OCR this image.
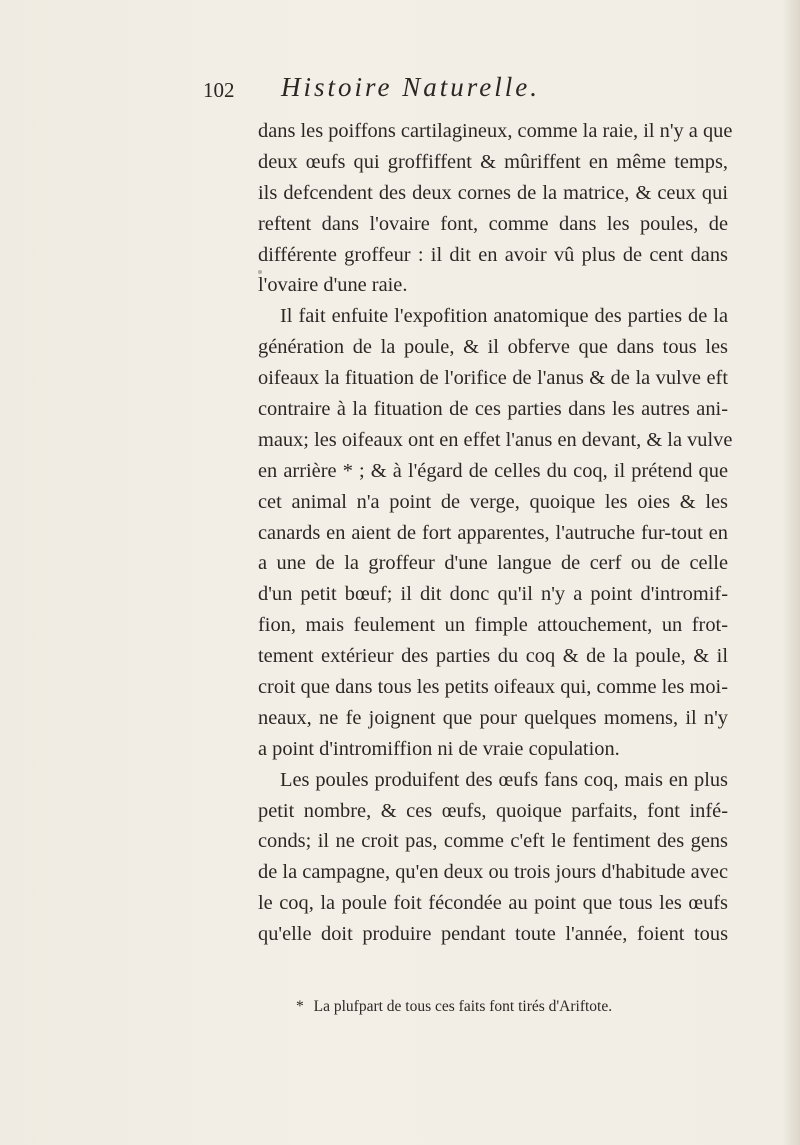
102 Histoire Naturelle.
dans les poiffons cartilagineux, comme la raie, il n'y a que
deux œufs qui groffiffent & mûriffent en même temps,
ils defcendent des deux cornes de la matrice, & ceux qui
reftent dans l'ovaire font, comme dans les poules, de
différente groffeur : il dit en avoir vû plus de cent dans
l'ovaire d'une raie.
Il fait enfuite l'expofition anatomique des parties de la
génération de la poule, & il obferve que dans tous les
oifeaux la fituation de l'orifice de l'anus & de la vulve eft
contraire à la fituation de ces parties dans les autres ani-
maux; les oifeaux ont en effet l'anus en devant, & la vulve
en arrière * ; & à l'égard de celles du coq, il prétend que
cet animal n'a point de verge, quoique les oies & les
canards en aient de fort apparentes, l'autruche fur-tout en
a une de la groffeur d'une langue de cerf ou de celle
d'un petit bœuf; il dit donc qu'il n'y a point d'intromif-
fion, mais feulement un fimple attouchement, un frot-
tement extérieur des parties du coq & de la poule, & il
croit que dans tous les petits oifeaux qui, comme les moi-
neaux, ne fe joignent que pour quelques momens, il n'y
a point d'intromiffion ni de vraie copulation.
Les poules produifent des œufs fans coq, mais en plus
petit nombre, & ces œufs, quoique parfaits, font infé-
conds; il ne croit pas, comme c'eft le fentiment des gens
de la campagne, qu'en deux ou trois jours d'habitude avec
le coq, la poule foit fécondée au point que tous les œufs
qu'elle doit produire pendant toute l'année, foient tous
* La plufpart de tous ces faits font tirés d'Ariftote.
